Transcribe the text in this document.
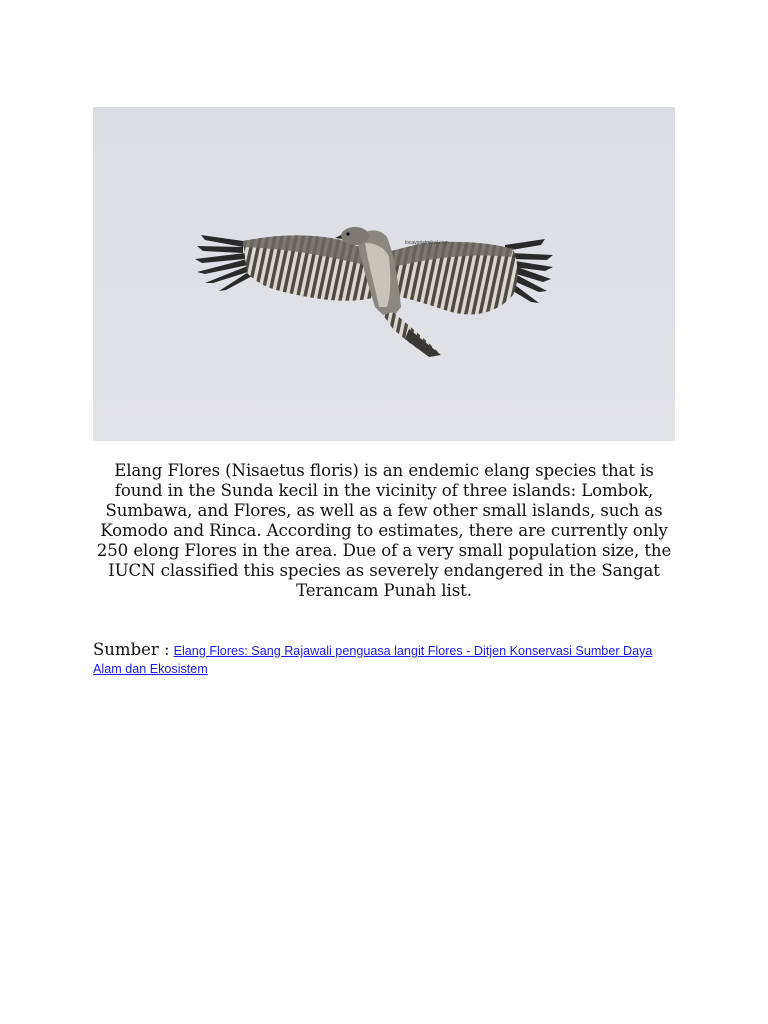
locavoristmikal.com

Elang Flores (Nisaetus floris) is an endemic elang species that is found in the Sunda kecil in the vicinity of three islands: Lombok, Sumbawa, and Flores, as well as a few other small islands, such as Komodo and Rinca. According to estimates, there are currently only 250 elong Flores in the area. Due of a very small population size, the IUCN classified this species as severely endangered in the Sangat Terancam Punah list.

Sumber : Elang Flores: Sang Rajawali penguasa langit Flores - Ditjen Konservasi Sumber Daya Alam dan Ekosistem
